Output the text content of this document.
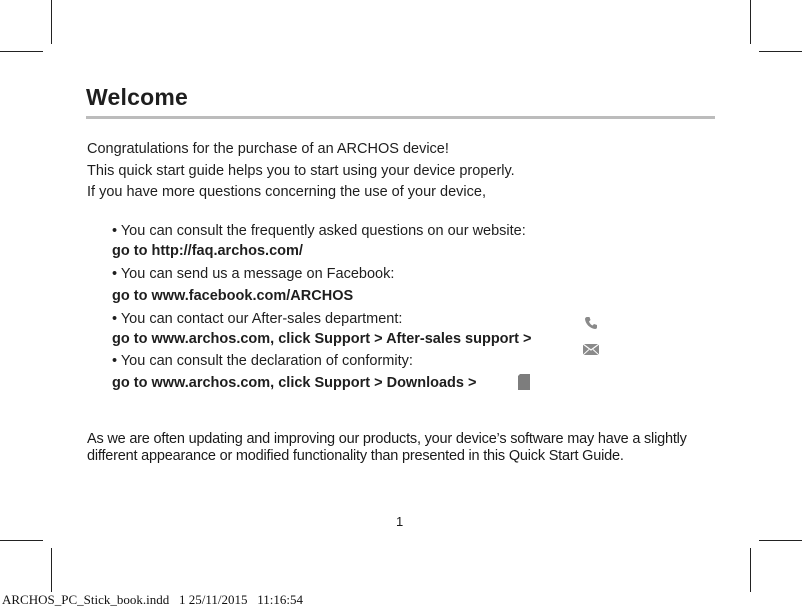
Welcome
Congratulations for the purchase of an ARCHOS device!
This quick start guide helps you to start using your device properly.
If you have more questions concerning the use of your device,
• You can consult the frequently asked questions on our website:
go to http://faq.archos.com/
• You can send us a message on Facebook:
go to www.facebook.com/ARCHOS
• You can contact our After-sales department:
go to www.archos.com, click Support > After-sales support >
• You can consult the declaration of conformity:
go to www.archos.com, click Support > Downloads >
As we are often updating and improving our products, your device’s software may have a slightly different appearance or modified functionality than presented in this Quick Start Guide.
1
ARCHOS_PC_Stick_book.indd   1 25/11/2015   11:16:54
